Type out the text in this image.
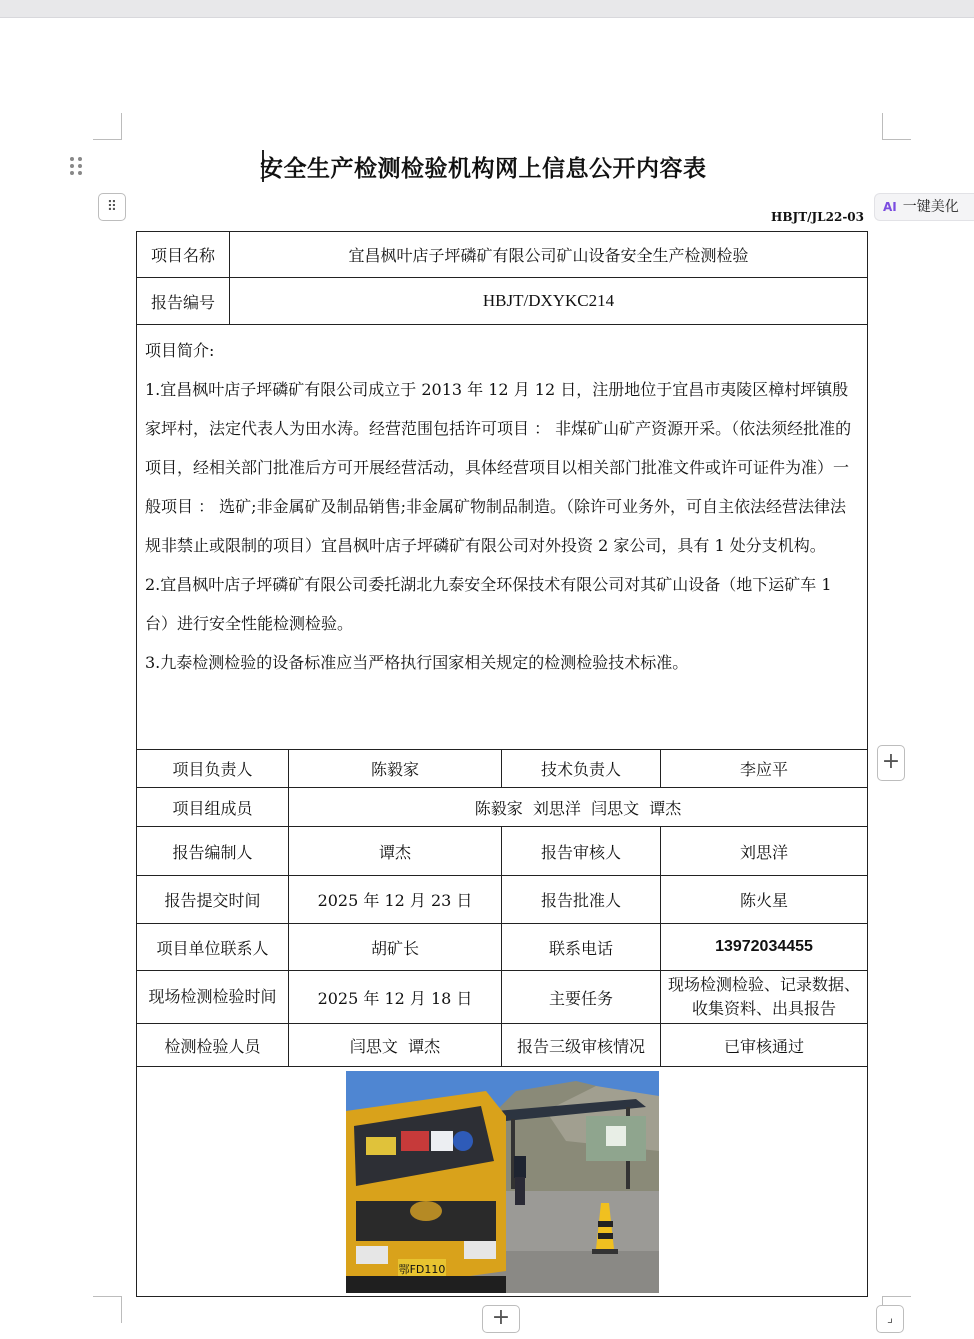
⠿
安全生产检测检验机构网上信息公开内容表
AI 一键美化
HBJT/JL22-03
项目名称	宜昌枫叶店子坪磷矿有限公司矿山设备安全生产检测检验			
报告编号	HBJT/DXYKC214			

项目简介:
1.宜昌枫叶店子坪磷矿有限公司成立于 2013 年 12 月 12 日，注册地位于宜昌市夷陵区樟村坪镇殷家坪村，法定代表人为田水涛。经营范围包括许可项目 ： 非煤矿山矿产资源开采。（依法须经批准的项目，经相关部门批准后方可开展经营活动，具体经营项目以相关部门批准文件或许可证件为准）一般项目 ： 选矿;非金属矿及制品销售;非金属矿物制品制造。（除许可业务外，可自主依法经营法律法规非禁止或限制的项目）宜昌枫叶店子坪磷矿有限公司对外投资 2 家公司，具有 1 处分支机构。
2.宜昌枫叶店子坪磷矿有限公司委托湖北九泰安全环保技术有限公司对其矿山设备（地下运矿车 1 台）进行安全性能检测检验。
3.九泰检测检验的设备标准应当严格执行国家相关规定的检测检验技术标准。				

项目负责人		陈毅家	技术负责人	李应平
项目组成员		陈毅家  刘思洋  闫思文  谭杰		
报告编制人		谭杰	报告审核人	刘思洋
报告提交时间		2025 年 12 月 23 日	报告批准人	陈火星
项目单位联系人		胡矿长	联系电话	13972034455
现场检测检验时间		2025 年 12 月 18 日	主要任务	现场检测检验、记录数据、收集资料、出具报告
检测检验人员		闫思文  谭杰	报告三级审核情况	已审核通过

鄂FD110				
+
+	⌟
